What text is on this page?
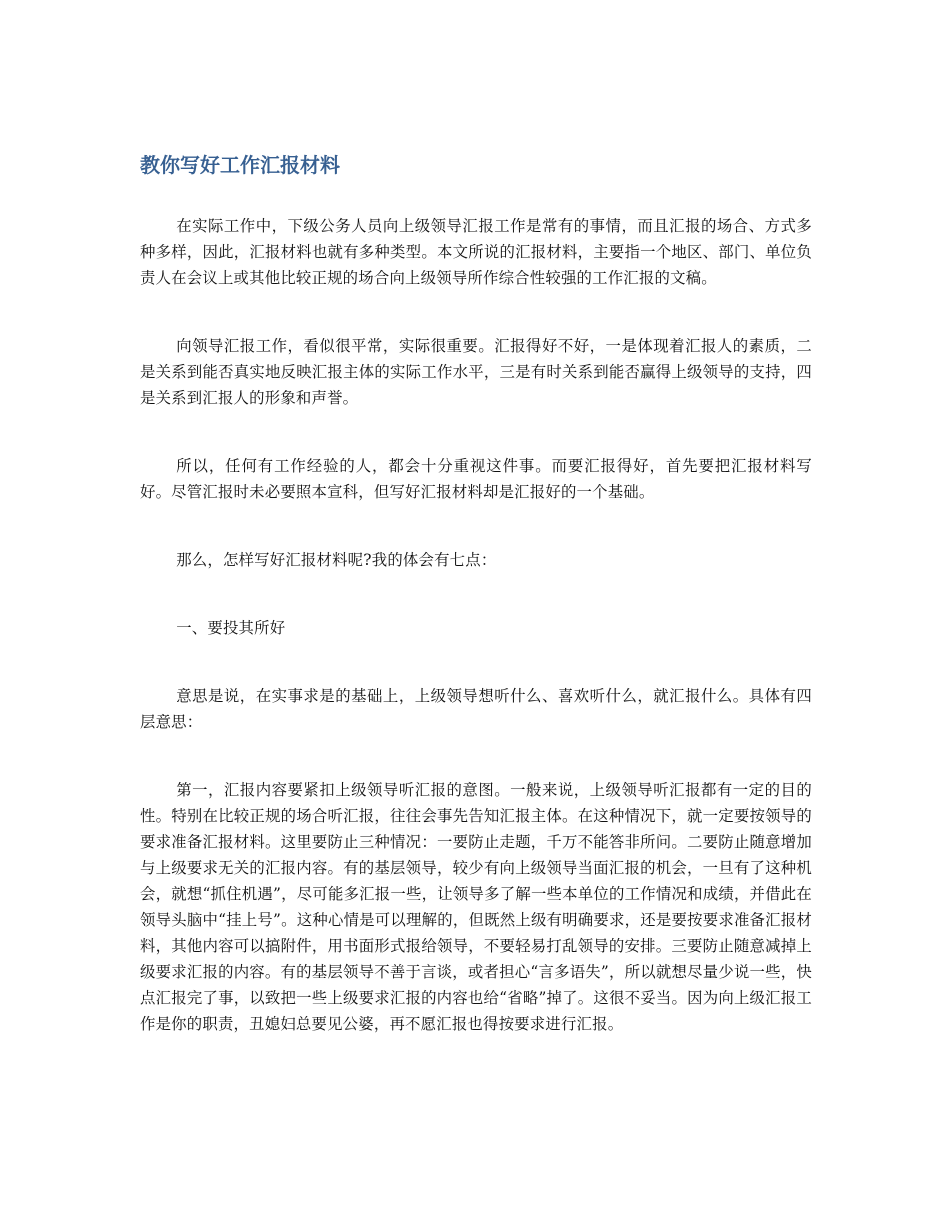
教你写好工作汇报材料

在实际工作中，下级公务人员向上级领导汇报工作是常有的事情，而且汇报的场合、方式多种多样，因此，汇报材料也就有多种类型。本文所说的汇报材料，主要指一个地区、部门、单位负责人在会议上或其他比较正规的场合向上级领导所作综合性较强的工作汇报的文稿。

向领导汇报工作，看似很平常，实际很重要。汇报得好不好，一是体现着汇报人的素质，二是关系到能否真实地反映汇报主体的实际工作水平，三是有时关系到能否赢得上级领导的支持，四是关系到汇报人的形象和声誉。

所以，任何有工作经验的人，都会十分重视这件事。而要汇报得好，首先要把汇报材料写好。尽管汇报时未必要照本宣科，但写好汇报材料却是汇报好的一个基础。

那么，怎样写好汇报材料呢?我的体会有七点：

一、要投其所好

意思是说，在实事求是的基础上，上级领导想听什么、喜欢听什么，就汇报什么。具体有四层意思：

第一，汇报内容要紧扣上级领导听汇报的意图。一般来说，上级领导听汇报都有一定的目的性。特别在比较正规的场合听汇报，往往会事先告知汇报主体。在这种情况下，就一定要按领导的要求准备汇报材料。这里要防止三种情况：一要防止走题，千万不能答非所问。二要防止随意增加与上级要求无关的汇报内容。有的基层领导，较少有向上级领导当面汇报的机会，一旦有了这种机会，就想“抓住机遇”，尽可能多汇报一些，让领导多了解一些本单位的工作情况和成绩，并借此在领导头脑中“挂上号”。这种心情是可以理解的，但既然上级有明确要求，还是要按要求准备汇报材料，其他内容可以搞附件，用书面形式报给领导，不要轻易打乱领导的安排。三要防止随意减掉上级要求汇报的内容。有的基层领导不善于言谈，或者担心“言多语失”，所以就想尽量少说一些，快点汇报完了事，以致把一些上级要求汇报的内容也给“省略”掉了。这很不妥当。因为向上级汇报工作是你的职责，丑媳妇总要见公婆，再不愿汇报也得按要求进行汇报。
